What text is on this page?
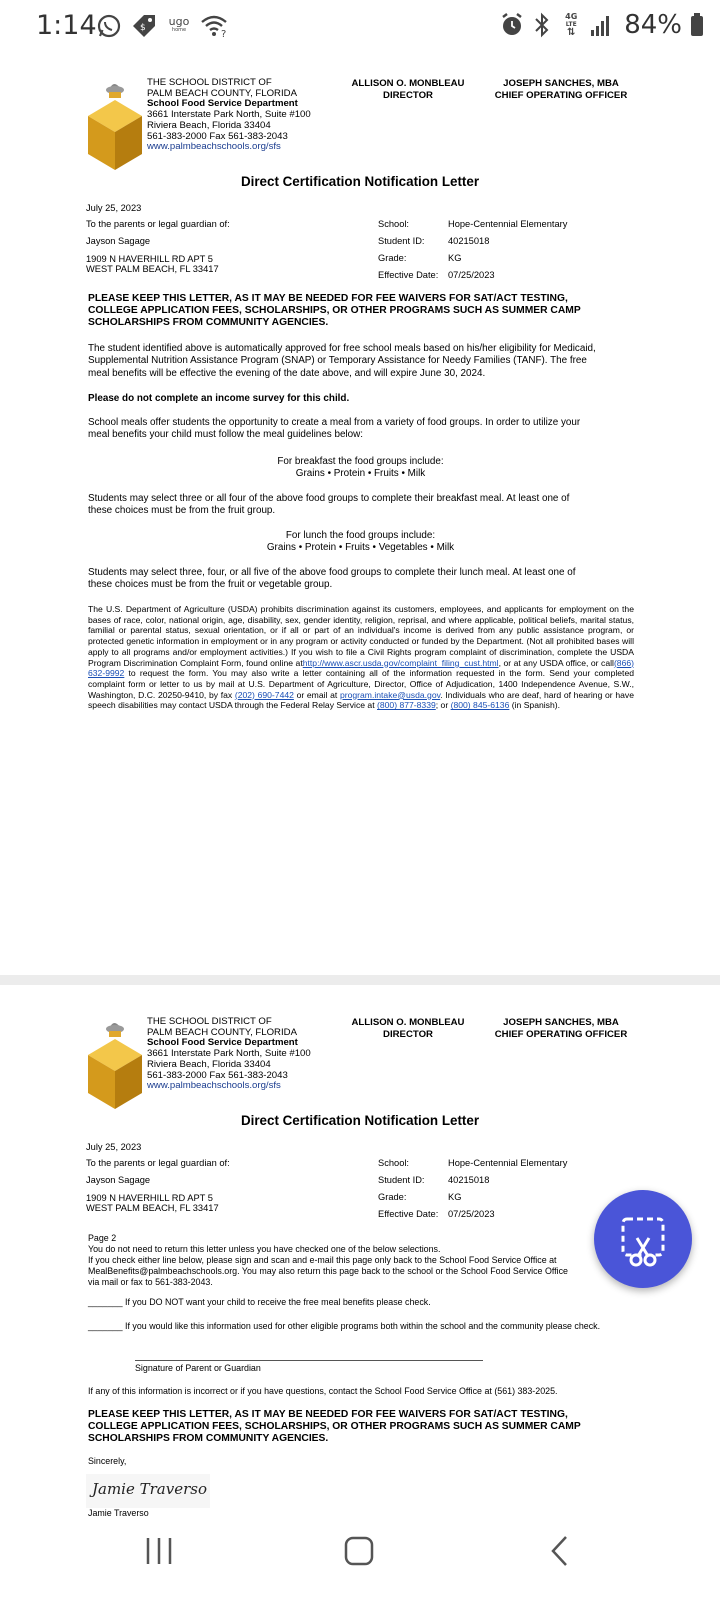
1:14	$ ugo
home	?
4G
LTE
⇅ 84%
THE SCHOOL DISTRICT OF
PALM BEACH COUNTY, FLORIDA
School Food Service Department
3661 Interstate Park North, Suite #100
Riviera Beach, Florida 33404
561-383-2000 Fax 561-383-2043
www.palmbeachschools.org/sfs
ALLISON O. MONBLEAU
DIRECTOR
JOSEPH SANCHES, MBA
CHIEF OPERATING OFFICER
Direct Certification Notification Letter
July 25, 2023
To the parents or legal guardian of:
Jayson Sagage
1909 N HAVERHILL RD APT 5
WEST PALM BEACH, FL 33417
School:	Hope-Centennial Elementary
Student ID:	40215018
Grade:	KG
Effective Date:	07/25/2023
PLEASE KEEP THIS LETTER, AS IT MAY BE NEEDED FOR FEE WAIVERS FOR SAT/ACT TESTING,
COLLEGE APPLICATION FEES, SCHOLARSHIPS, OR OTHER PROGRAMS SUCH AS SUMMER CAMP
SCHOLARSHIPS FROM COMMUNITY AGENCIES.
The student identified above is automatically approved for free school meals based on his/her eligibility for Medicaid,
Supplemental Nutrition Assistance Program (SNAP) or Temporary Assistance for Needy Families (TANF). The free
meal benefits will be effective the evening of the date above, and will expire June 30, 2024.
Please do not complete an income survey for this child.
School meals offer students the opportunity to create a meal from a variety of food groups. In order to utilize your
meal benefits your child must follow the meal guidelines below:
For breakfast the food groups include:
Grains • Protein • Fruits • Milk
Students may select three or all four of the above food groups to complete their breakfast meal. At least one of
these choices must be from the fruit group.
For lunch the food groups include:
Grains • Protein • Fruits • Vegetables • Milk
Students may select three, four, or all five of the above food groups to complete their lunch meal. At least one of
these choices must be from the fruit or vegetable group.
The U.S. Department of Agriculture (USDA) prohibits discrimination against its customers, employees, and applicants for employment on the bases of race, color, national origin, age, disability, sex, gender identity, religion, reprisal, and where applicable, political beliefs, marital status, familial or parental status, sexual orientation, or if all or part of an individual's income is derived from any public assistance program, or protected genetic information in employment or in any program or activity conducted or funded by the Department. (Not all prohibited bases will apply to all programs and/or employment activities.) If you wish to file a Civil Rights program complaint of discrimination, complete the USDA Program Discrimination Complaint Form, found online athttp://www.ascr.usda.gov/complaint_filing_cust.html, or at any USDA office, or call(866) 632-9992 to request the form. You may also write a letter containing all of the information requested in the form. Send your completed complaint form or letter to us by mail at U.S. Department of Agriculture, Director, Office of Adjudication, 1400 Independence Avenue, S.W., Washington, D.C. 20250-9410, by fax (202) 690-7442 or email at program.intake@usda.gov. Individuals who are deaf, hard of hearing or have speech disabilities may contact USDA through the Federal Relay Service at (800) 877-8339; or (800) 845-6136 (in Spanish).
THE SCHOOL DISTRICT OF
PALM BEACH COUNTY, FLORIDA
School Food Service Department
3661 Interstate Park North, Suite #100
Riviera Beach, Florida 33404
561-383-2000 Fax 561-383-2043
www.palmbeachschools.org/sfs
ALLISON O. MONBLEAU
DIRECTOR
JOSEPH SANCHES, MBA
CHIEF OPERATING OFFICER
Direct Certification Notification Letter
July 25, 2023
To the parents or legal guardian of:
Jayson Sagage
1909 N HAVERHILL RD APT 5
WEST PALM BEACH, FL 33417
School:	Hope-Centennial Elementary
Student ID:	40215018
Grade:	KG
Effective Date:	07/25/2023
Page 2
You do not need to return this letter unless you have checked one of the below selections.
If you check either line below, please sign and scan and e-mail this page only back to the School Food Service Office at
MealBenefits@palmbeachschools.org. You may also return this page back to the school or the School Food Service Office
via mail or fax to 561-383-2043.
_______ If you DO NOT want your child to receive the free meal benefits please check.
_______ If you would like this information used for other eligible programs both within the school and the community please check.
Signature of Parent or Guardian
If any of this information is incorrect or if you have questions, contact the School Food Service Office at (561) 383-2025.
PLEASE KEEP THIS LETTER, AS IT MAY BE NEEDED FOR FEE WAIVERS FOR SAT/ACT TESTING,
COLLEGE APPLICATION FEES, SCHOLARSHIPS, OR OTHER PROGRAMS SUCH AS SUMMER CAMP
SCHOLARSHIPS FROM COMMUNITY AGENCIES.
Sincerely,
Jamie Traverso
Jamie Traverso
